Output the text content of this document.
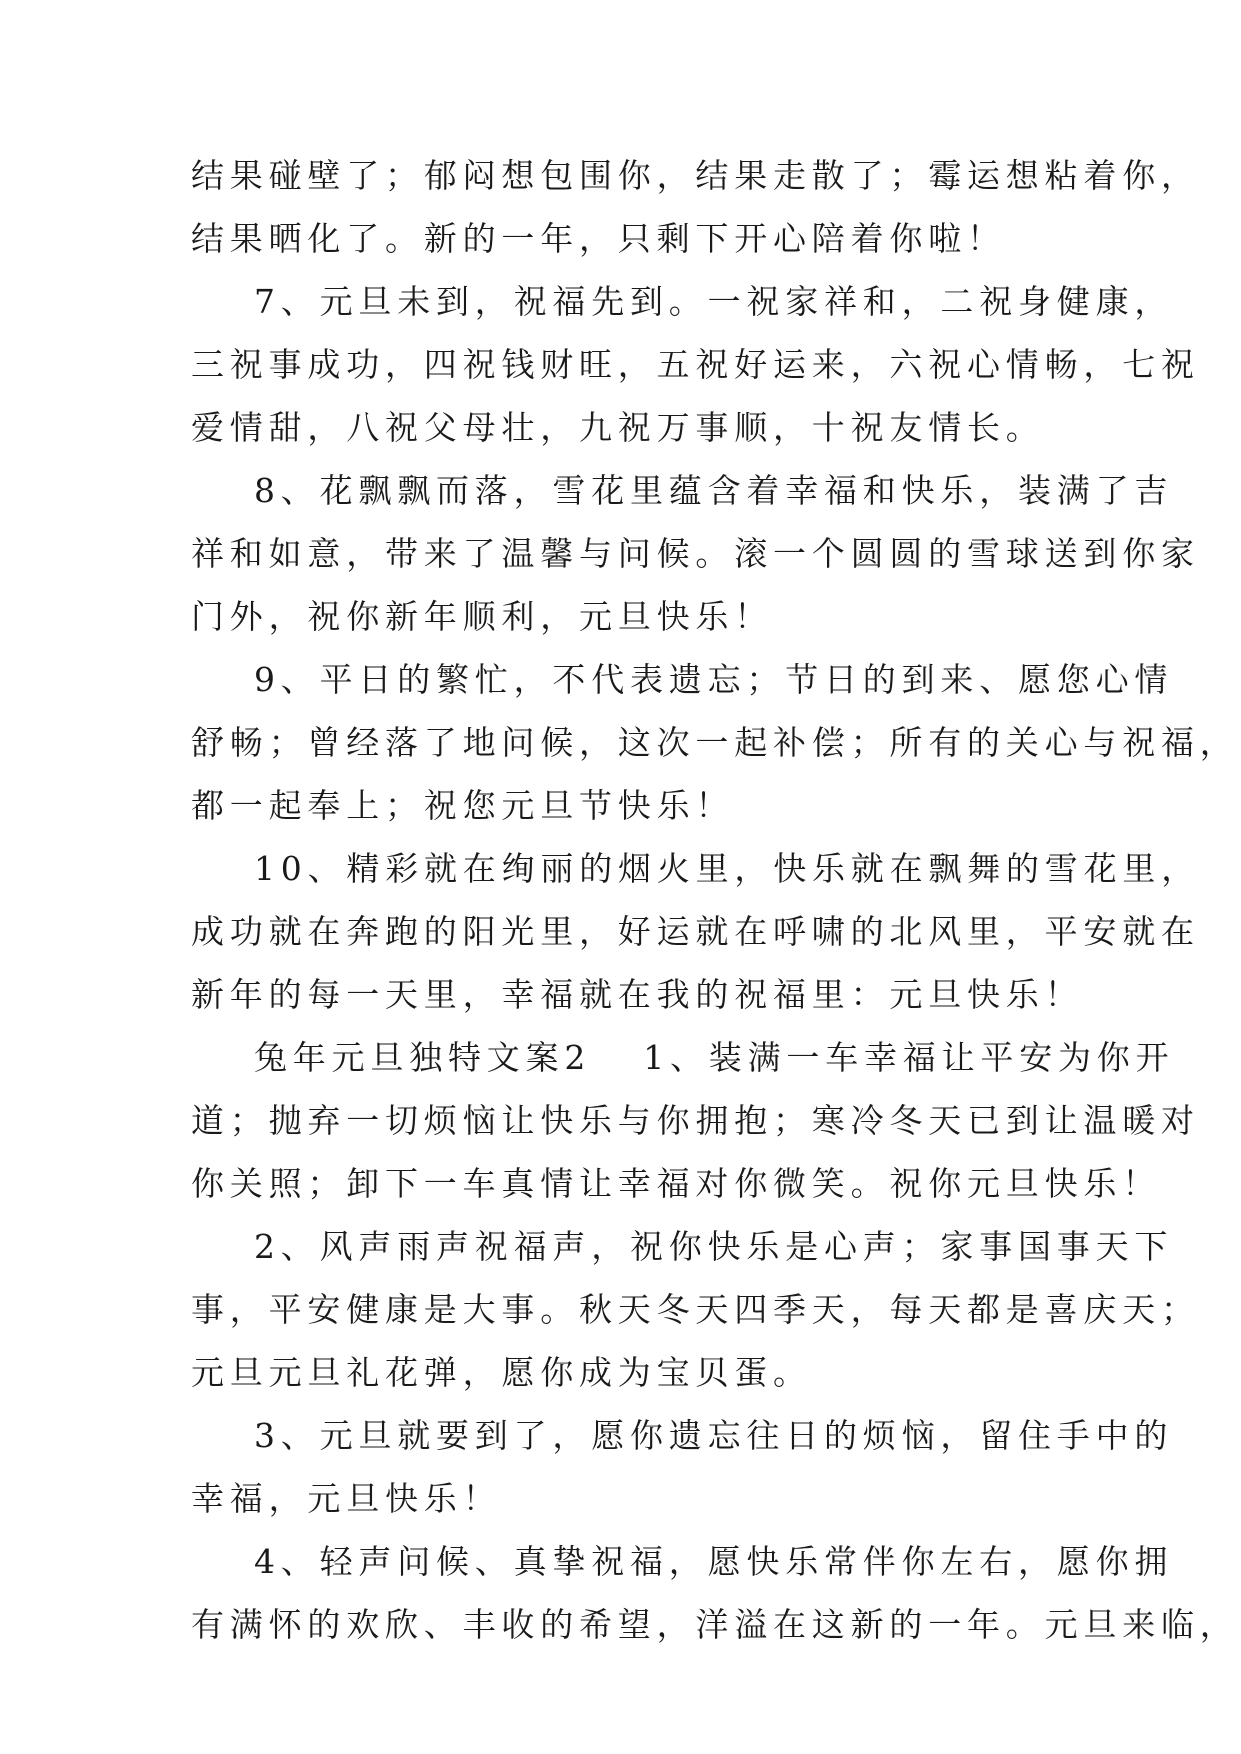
结果碰壁了；郁闷想包围你，结果走散了；霉运想粘着你，
结果晒化了。新的一年，只剩下开心陪着你啦！
7、元旦未到，祝福先到。一祝家祥和，二祝身健康，
三祝事成功，四祝钱财旺，五祝好运来，六祝心情畅，七祝
爱情甜，八祝父母壮，九祝万事顺，十祝友情长。
8、花飘飘而落，雪花里蕴含着幸福和快乐，装满了吉
祥和如意，带来了温馨与问候。滚一个圆圆的雪球送到你家
门外，祝你新年顺利，元旦快乐！
9、平日的繁忙，不代表遗忘；节日的到来、愿您心情
舒畅；曾经落了地问候，这次一起补偿；所有的关心与祝福，
都一起奉上；祝您元旦节快乐！
10、精彩就在绚丽的烟火里，快乐就在飘舞的雪花里，
成功就在奔跑的阳光里，好运就在呼啸的北风里，平安就在
新年的每一天里，幸福就在我的祝福里：元旦快乐！
兔年元旦独特文案2 1、装满一车幸福让平安为你开
道；抛弃一切烦恼让快乐与你拥抱；寒冷冬天已到让温暖对
你关照；卸下一车真情让幸福对你微笑。祝你元旦快乐！
2、风声雨声祝福声，祝你快乐是心声；家事国事天下
事，平安健康是大事。秋天冬天四季天，每天都是喜庆天；
元旦元旦礼花弹，愿你成为宝贝蛋。
3、元旦就要到了，愿你遗忘往日的烦恼，留住手中的
幸福，元旦快乐！
4、轻声问候、真挚祝福，愿快乐常伴你左右，愿你拥
有满怀的欢欣、丰收的希望，洋溢在这新的一年。元旦来临，
